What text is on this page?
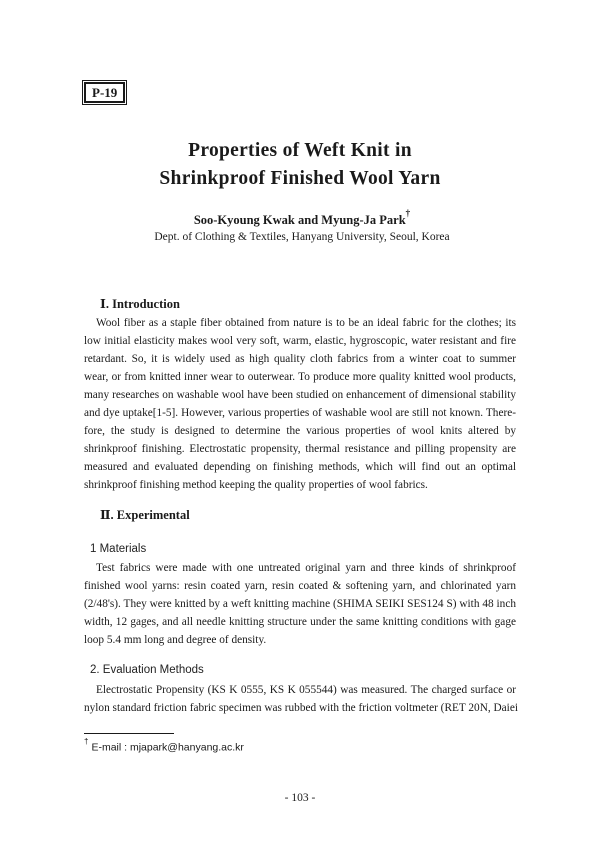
P-19
Properties of Weft Knit in
Shrinkproof Finished Wool Yarn
Soo-Kyoung Kwak and Myung-Ja Park†
Dept. of Clothing & Textiles, Hanyang University, Seoul, Korea
Ⅰ. Introduction
Wool fiber as a staple fiber obtained from nature is to be an ideal fabric for the clothes; its
low initial elasticity makes wool very soft, warm, elastic, hygroscopic, water resistant and fire
retardant. So, it is widely used as high quality cloth fabrics from a winter coat to summer
wear, or from knitted inner wear to outerwear. To produce more quality knitted wool products,
many researches on washable wool have been studied on enhancement of dimensional stability
and dye uptake[1-5]. However, various properties of washable wool are still not known. There-
fore, the study is designed to determine the various properties of wool knits altered by
shrinkproof finishing. Electrostatic propensity, thermal resistance and pilling propensity are
measured and evaluated depending on finishing methods, which will find out an optimal
shrinkproof finishing method keeping the quality properties of wool fabrics.
Ⅱ. Experimental
1 Materials
Test fabrics were made with one untreated original yarn and three kinds of shrinkproof
finished wool yarns: resin coated yarn, resin coated & softening yarn, and chlorinated yarn
(2/48's). They were knitted by a weft knitting machine (SHIMA SEIKI SES124 S) with 48 inch
width, 12 gages, and all needle knitting structure under the same knitting conditions with gage
loop 5.4 mm long and degree of density.
2. Evaluation Methods
Electrostatic Propensity (KS K 0555, KS K 055544) was measured. The charged surface or
nylon standard friction fabric specimen was rubbed with the friction voltmeter (RET 20N, Daiei
† E-mail : mjapark@hanyang.ac.kr
- 103 -
